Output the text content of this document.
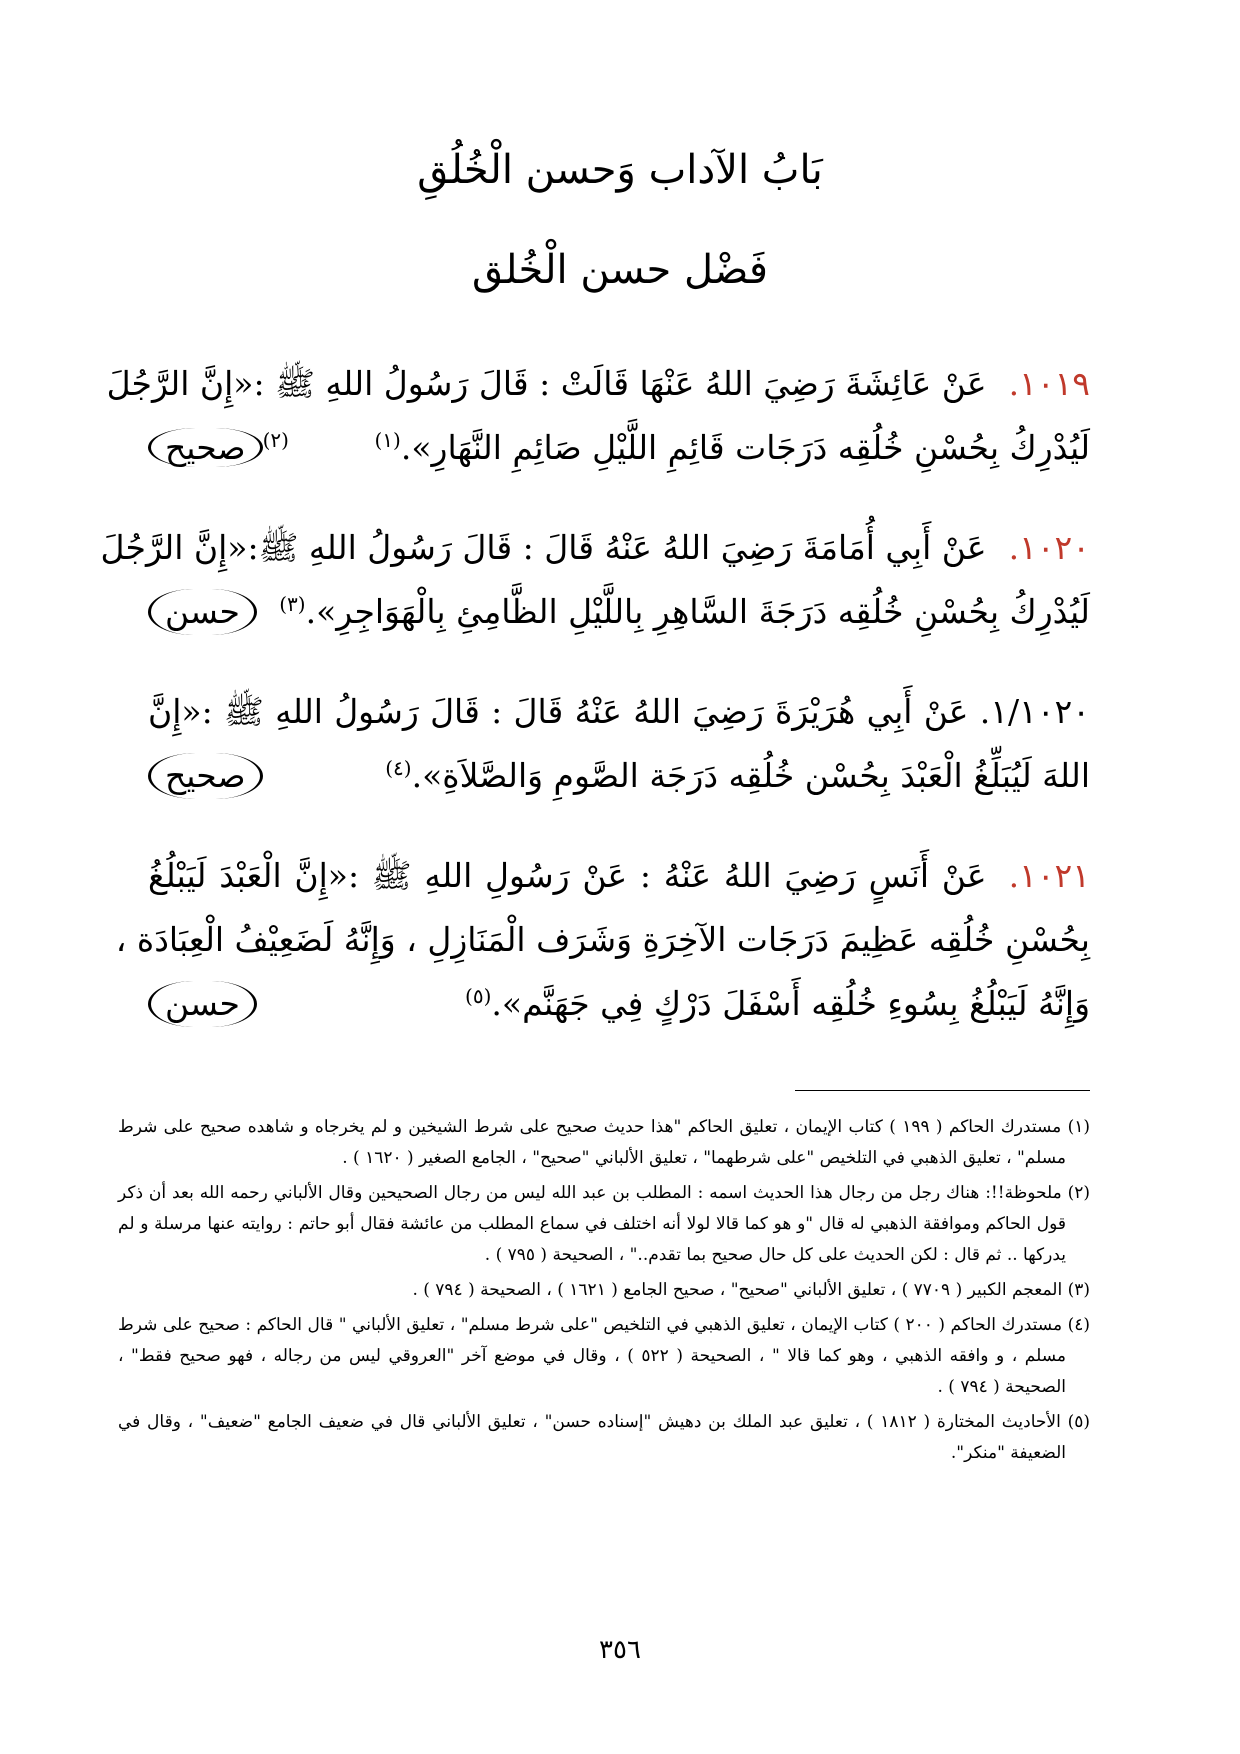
بَابُ الآداب وَحسن الْخُلُقِ
فَضْل حسن الْخُلق
١٠١٩.عَنْ عَائِشَةَ رَضِيَ اللهُ عَنْهَا قَالَتْ : قَالَ رَسُولُ اللهِ ﷺ :«إِنَّ الرَّجُلَ
لَيُدْرِكُ بِحُسْنِ خُلُقِه دَرَجَات قَائِمِ اللَّيْلِ صَائِمِ النَّهَارِ».$^{(١)}$
$^{(٢)}$صحيح
١٠٢٠.عَنْ أَبِي أُمَامَةَ رَضِيَ اللهُ عَنْهُ قَالَ : قَالَ رَسُولُ اللهِ ﷺ:«إِنَّ الرَّجُلَ
لَيُدْرِكُ بِحُسْنِ خُلُقِه دَرَجَةَ السَّاهِرِ بِاللَّيْلِ الظَّامِئِ بِالْهَوَاجِرِ».$^{(٣)}$
حسن
١/١٠٢٠. عَنْ أَبِي هُرَيْرَةَ رَضِيَ اللهُ عَنْهُ قَالَ : قَالَ رَسُولُ اللهِ ﷺ :«إِنَّ
اللهَ لَيُبَلِّغُ الْعَبْدَ بِحُسْن خُلُقِه دَرَجَة الصَّومِ وَالصَّلاَةِ».$^{(٤)}$
صحيح
١٠٢١.عَنْ أَنَسٍ رَضِيَ اللهُ عَنْهُ : عَنْ رَسُولِ اللهِ ﷺ :«إِنَّ الْعَبْدَ لَيَبْلُغُ
بِحُسْنِ خُلُقِه عَظِيمَ دَرَجَات الآخِرَةِ وَشَرَف الْمَنَازِلِ ، وَإِنَّهُ لَضَعِيْفُ الْعِبَادَة ،
وَإِنَّهُ لَيَبْلُغُ بِسُوءِ خُلُقِه أَسْفَلَ دَرْكٍ فِي جَهَنَّم».$^{(٥)}$
حسن
(١) مستدرك الحاكم ( ١٩٩ ) كتاب الإيمان ، تعليق الحاكم "هذا حديث صحيح على شرط الشيخين و لم يخرجاه و شاهده صحيح على شرط مسلم" ، تعليق الذهبي في التلخيص "على شرطهما" ، تعليق الألباني "صحيح" ، الجامع الصغير ( ١٦٢٠ ) .
(٢) ملحوظة!!: هناك رجل من رجال هذا الحديث اسمه : المطلب بن عبد الله ليس من رجال الصحيحين وقال الألباني رحمه الله بعد أن ذكر قول الحاكم وموافقة الذهبي له قال "و هو كما قالا لولا أنه اختلف في سماع المطلب من عائشة فقال أبو حاتم : روايته عنها مرسلة و لم يدركها .. ثم قال : لكن الحديث على كل حال صحيح بما تقدم.." ، الصحيحة ( ٧٩٥ ) .
(٣) المعجم الكبير ( ٧٧٠٩ ) ، تعليق الألباني "صحيح" ، صحيح الجامع ( ١٦٢١ ) ، الصحيحة ( ٧٩٤ ) .
(٤) مستدرك الحاكم ( ٢٠٠ ) كتاب الإيمان ، تعليق الذهبي في التلخيص "على شرط مسلم" ، تعليق الألباني " قال الحاكم : صحيح على شرط مسلم ، و وافقه الذهبي ، وهو كما قالا " ، الصحيحة ( ٥٢٢ ) ، وقال في موضع آخر "العروقي ليس من رجاله ، فهو صحيح فقط" ، الصحيحة ( ٧٩٤ ) .
(٥) الأحاديث المختارة ( ١٨١٢ ) ، تعليق عبد الملك بن دهيش "إسناده حسن" ، تعليق الألباني قال في ضعيف الجامع "ضعيف" ، وقال في الضعيفة "منكر".
٣٥٦
